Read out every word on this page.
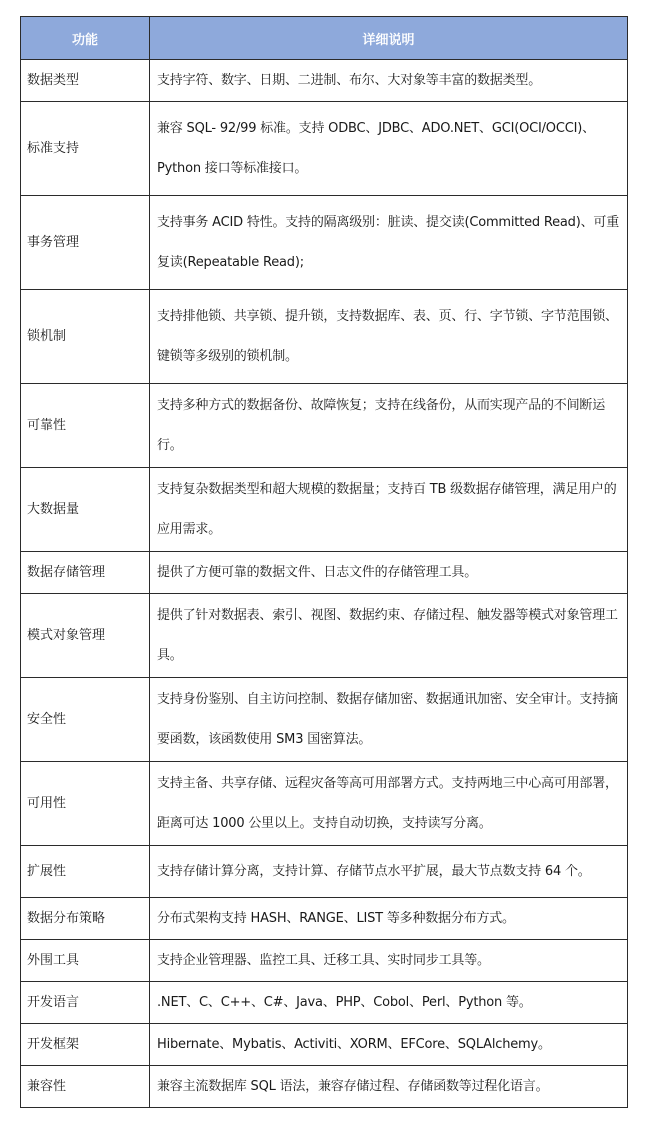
功能	详细说明
数据类型	支持字符、数字、日期、二进制、布尔、大对象等丰富的数据类型。
标准支持	兼容 SQL- 92/99 标准。支持 ODBC、JDBC、ADO.NET、GCI(OCI/OCCI)、Python 接口等标准接口。
事务管理	支持事务 ACID 特性。支持的隔离级别：脏读、提交读(Committed Read)、可重复读(Repeatable Read);
锁机制	支持排他锁、共享锁、提升锁，支持数据库、表、页、行、字节锁、字节范围锁、键锁等多级别的锁机制。
可靠性	支持多种方式的数据备份、故障恢复；支持在线备份，从而实现产品的不间断运行。
大数据量	支持复杂数据类型和超大规模的数据量；支持百 TB 级数据存储管理，满足用户的应用需求。
数据存储管理	提供了方便可靠的数据文件、日志文件的存储管理工具。
模式对象管理	提供了针对数据表、索引、视图、数据约束、存储过程、触发器等模式对象管理工具。
安全性	支持身份鉴别、自主访问控制、数据存储加密、数据通讯加密、安全审计。支持摘要函数，该函数使用 SM3 国密算法。
可用性	支持主备、共享存储、远程灾备等高可用部署方式。支持两地三中心高可用部署，距离可达 1000 公里以上。支持自动切换，支持读写分离。
扩展性	支持存储计算分离，支持计算、存储节点水平扩展，最大节点数支持 64 个。
数据分布策略	分布式架构支持 HASH、RANGE、LIST 等多种数据分布方式。
外围工具	支持企业管理器、监控工具、迁移工具、实时同步工具等。
开发语言	.NET、C、C++、C#、Java、PHP、Cobol、Perl、Python 等。
开发框架	Hibernate、Mybatis、Activiti、XORM、EFCore、SQLAlchemy。
兼容性	兼容主流数据库 SQL 语法，兼容存储过程、存储函数等过程化语言。
